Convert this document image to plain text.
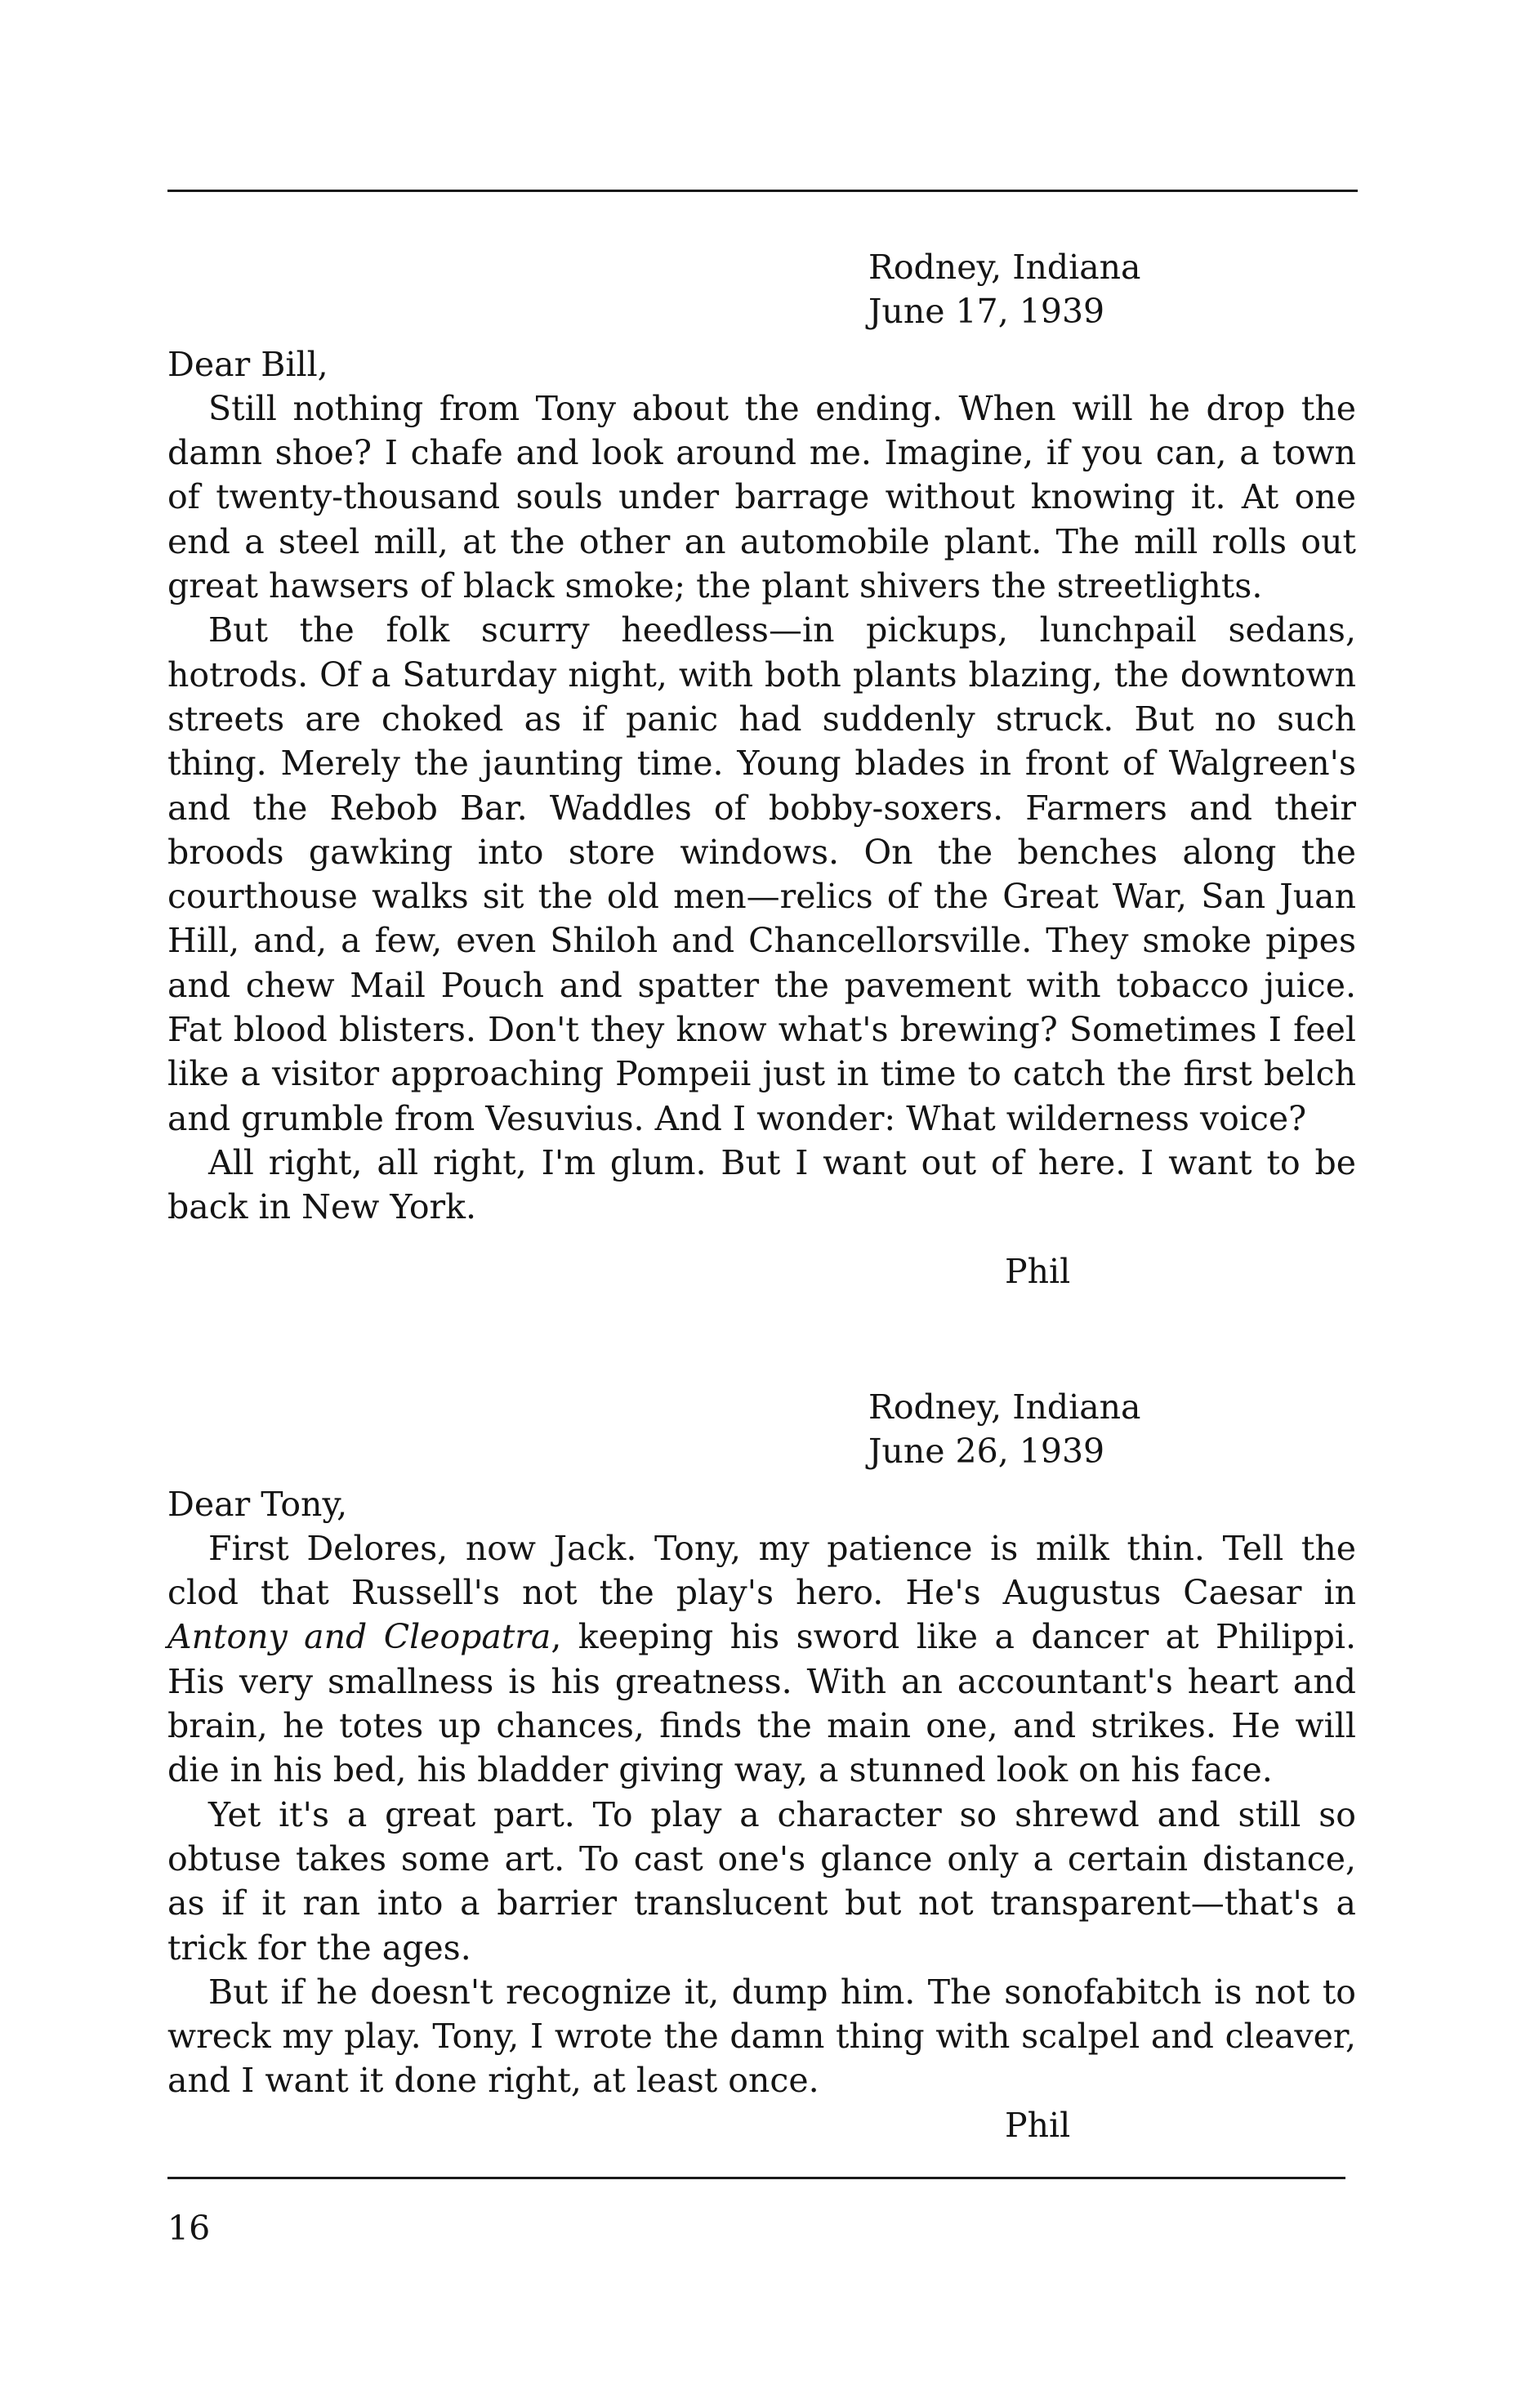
Rodney, Indiana
June 17, 1939
Dear Bill,

Still nothing from Tony about the ending. When will he drop the damn shoe? I chafe and look around me. Imagine, if you can, a town of twenty-thousand souls under barrage without knowing it. At one end a steel mill, at the other an automobile plant. The mill rolls out great hawsers of black smoke; the plant shivers the streetlights.

But the folk scurry heedless—in pickups, lunchpail sedans, hotrods. Of a Saturday night, with both plants blazing, the downtown streets are choked as if panic had suddenly struck. But no such thing. Merely the jaunting time. Young blades in front of Walgreen's and the Rebob Bar. Waddles of bobby-soxers. Farmers and their broods gawking into store windows. On the benches along the courthouse walks sit the old men—relics of the Great War, San Juan Hill, and, a few, even Shiloh and Chancellorsville. They smoke pipes and chew Mail Pouch and spatter the pavement with tobacco juice. Fat blood blisters. Don't they know what's brewing? Sometimes I feel like a visitor approaching Pompeii just in time to catch the first belch and grumble from Vesuvius. And I wonder: What wilderness voice?

All right, all right, I'm glum. But I want out of here. I want to be back in New York.

Phil
Rodney, Indiana
June 26, 1939
Dear Tony,

First Delores, now Jack. Tony, my patience is milk thin. Tell the clod that Russell's not the play's hero. He's Augustus Caesar in Antony and Cleopatra, keeping his sword like a dancer at Philippi. His very smallness is his greatness. With an accountant's heart and brain, he totes up chances, finds the main one, and strikes. He will die in his bed, his bladder giving way, a stunned look on his face.

Yet it's a great part. To play a character so shrewd and still so obtuse takes some art. To cast one's glance only a certain distance, as if it ran into a barrier translucent but not transparent—that's a trick for the ages.

But if he doesn't recognize it, dump him. The sonofabitch is not to wreck my play. Tony, I wrote the damn thing with scalpel and cleaver, and I want it done right, at least once.

Phil
16
